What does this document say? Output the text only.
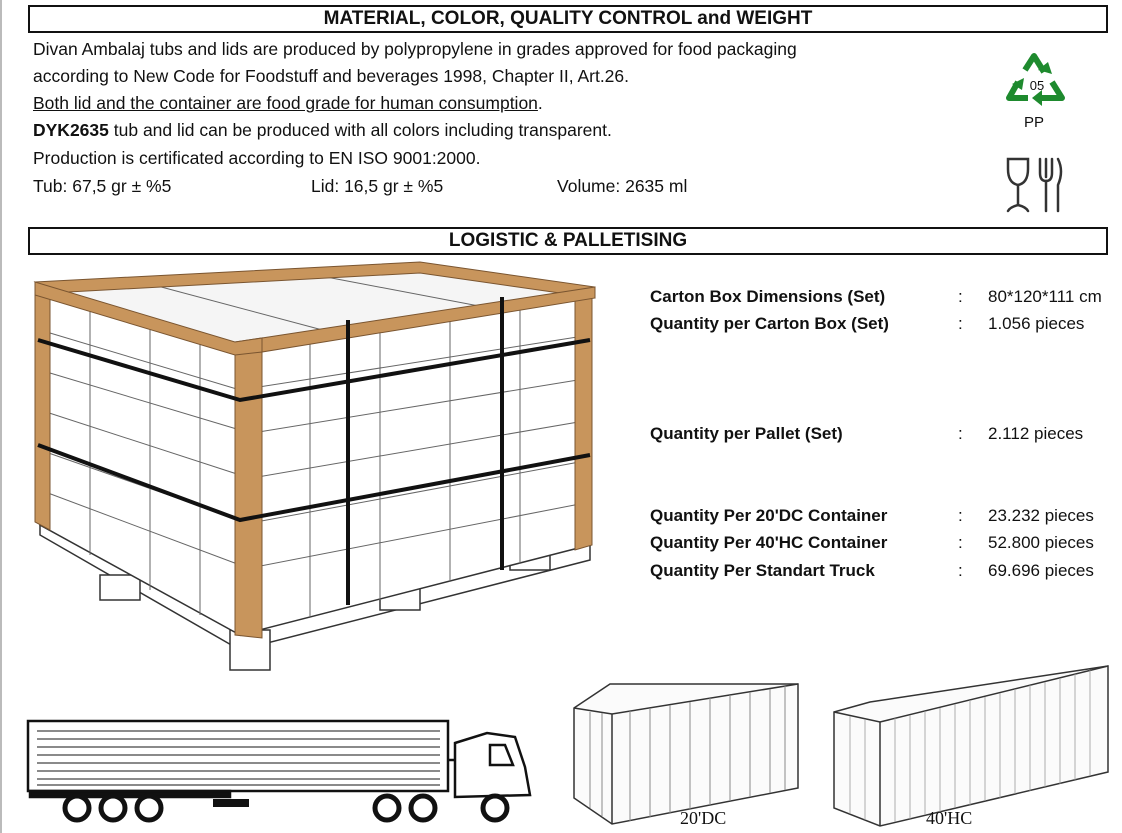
MATERIAL, COLOR, QUALITY CONTROL and WEIGHT
Divan Ambalaj tubs and lids are produced by polypropylene in grades approved for food packaging
according to New Code for Foodstuff and beverages 1998, Chapter II, Art.26.
Both lid and the container are food grade for human consumption.
DYK2635 tub and lid can be produced with all colors including transparent.
Production is certificated according to EN ISO 9001:2000.
Tub: 67,5 gr ± %5	Lid: 16,5 gr ± %5	Volume: 2635 ml
05
PP
LOGISTIC & PALLETISING
Carton Box Dimensions (Set)	: 80*120*111 cm
Quantity per Carton Box (Set)	: 1.056 pieces
Quantity per Pallet (Set)	: 2.112 pieces
Quantity Per 20'DC Container	: 23.232 pieces
Quantity Per 40'HC Container	: 52.800 pieces
Quantity Per Standart Truck	: 69.696 pieces
20'DC	40'HC
